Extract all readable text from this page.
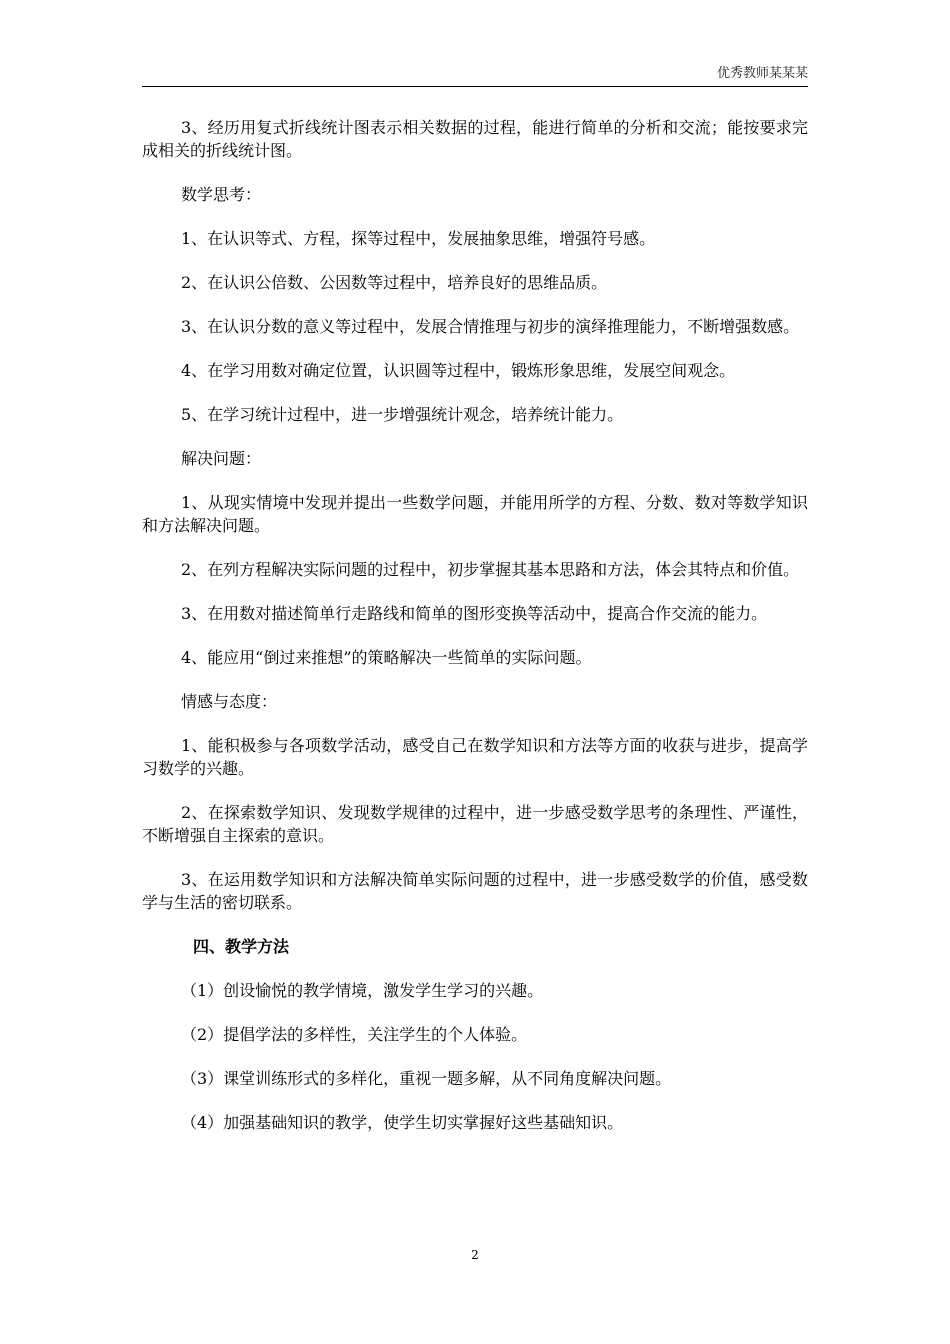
优秀教师某某某

3、经历用复式折线统计图表示相关数据的过程，能进行简单的分析和交流；能按要求完成相关的折线统计图。

数学思考：

1、在认识等式、方程，探等过程中，发展抽象思维，增强符号感。

2、在认识公倍数、公因数等过程中，培养良好的思维品质。

3、在认识分数的意义等过程中，发展合情推理与初步的演绎推理能力，不断增强数感。

4、在学习用数对确定位置，认识圆等过程中，锻炼形象思维，发展空间观念。

5、在学习统计过程中，进一步增强统计观念，培养统计能力。

解决问题：

1、从现实情境中发现并提出一些数学问题，并能用所学的方程、分数、数对等数学知识和方法解决问题。

2、在列方程解决实际问题的过程中，初步掌握其基本思路和方法，体会其特点和价值。

3、在用数对描述简单行走路线和简单的图形变换等活动中，提高合作交流的能力。

4、能应用“倒过来推想”的策略解决一些简单的实际问题。

情感与态度：

1、能积极参与各项数学活动，感受自己在数学知识和方法等方面的收获与进步，提高学习数学的兴趣。

2、在探索数学知识、发现数学规律的过程中，进一步感受数学思考的条理性、严谨性，不断增强自主探索的意识。

3、在运用数学知识和方法解决简单实际问题的过程中，进一步感受数学的价值，感受数学与生活的密切联系。

四、教学方法

（1）创设愉悦的教学情境，激发学生学习的兴趣。

（2）提倡学法的多样性，关注学生的个人体验。

（3）课堂训练形式的多样化，重视一题多解，从不同角度解决问题。

（4）加强基础知识的教学，使学生切实掌握好这些基础知识。

2
